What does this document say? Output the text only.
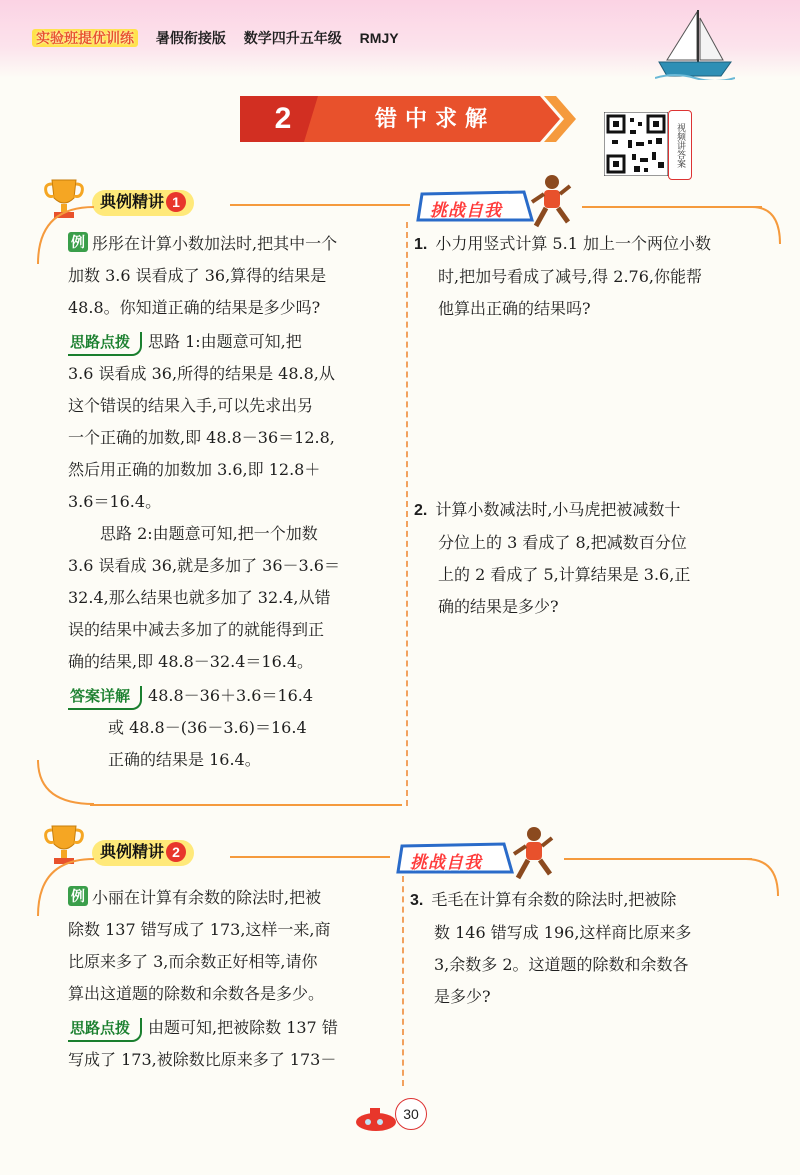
实验班提优训练 暑假衔接版 数学四升五年级 RMJY
2	错中求解
视频讲答案
典例精讲 1	挑战自我
例 彤彤在计算小数加法时,把其中一个
加数 3.6 误看成了 36,算得的结果是
48.8。你知道正确的结果是多少吗?
思路点拨 思路 1:由题意可知,把
3.6 误看成 36,所得的结果是 48.8,从
这个错误的结果入手,可以先求出另
一个正确的加数,即 48.8－36＝12.8,
然后用正确的加数加 3.6,即 12.8＋
3.6＝16.4。
思路 2:由题意可知,把一个加数
3.6 误看成 36,就是多加了 36－3.6＝
32.4,那么结果也就多加了 32.4,从错
误的结果中减去多加了的就能得到正
确的结果,即 48.8－32.4＝16.4。
答案详解 48.8－36＋3.6＝16.4
或 48.8－(36－3.6)＝16.4
正确的结果是 16.4。
1. 小力用竖式计算 5.1 加上一个两位小数
时,把加号看成了减号,得 2.76,你能帮
他算出正确的结果吗?
2. 计算小数减法时,小马虎把被减数十
分位上的 3 看成了 8,把减数百分位
上的 2 看成了 5,计算结果是 3.6,正
确的结果是多少?
典例精讲 2
挑战自我
例 小丽在计算有余数的除法时,把被
除数 137 错写成了 173,这样一来,商
比原来多了 3,而余数正好相等,请你
算出这道题的除数和余数各是多少。
思路点拨 由题可知,把被除数 137 错
写成了 173,被除数比原来多了 173－
3. 毛毛在计算有余数的除法时,把被除
数 146 错写成 196,这样商比原来多
3,余数多 2。这道题的除数和余数各
是多少?
30
